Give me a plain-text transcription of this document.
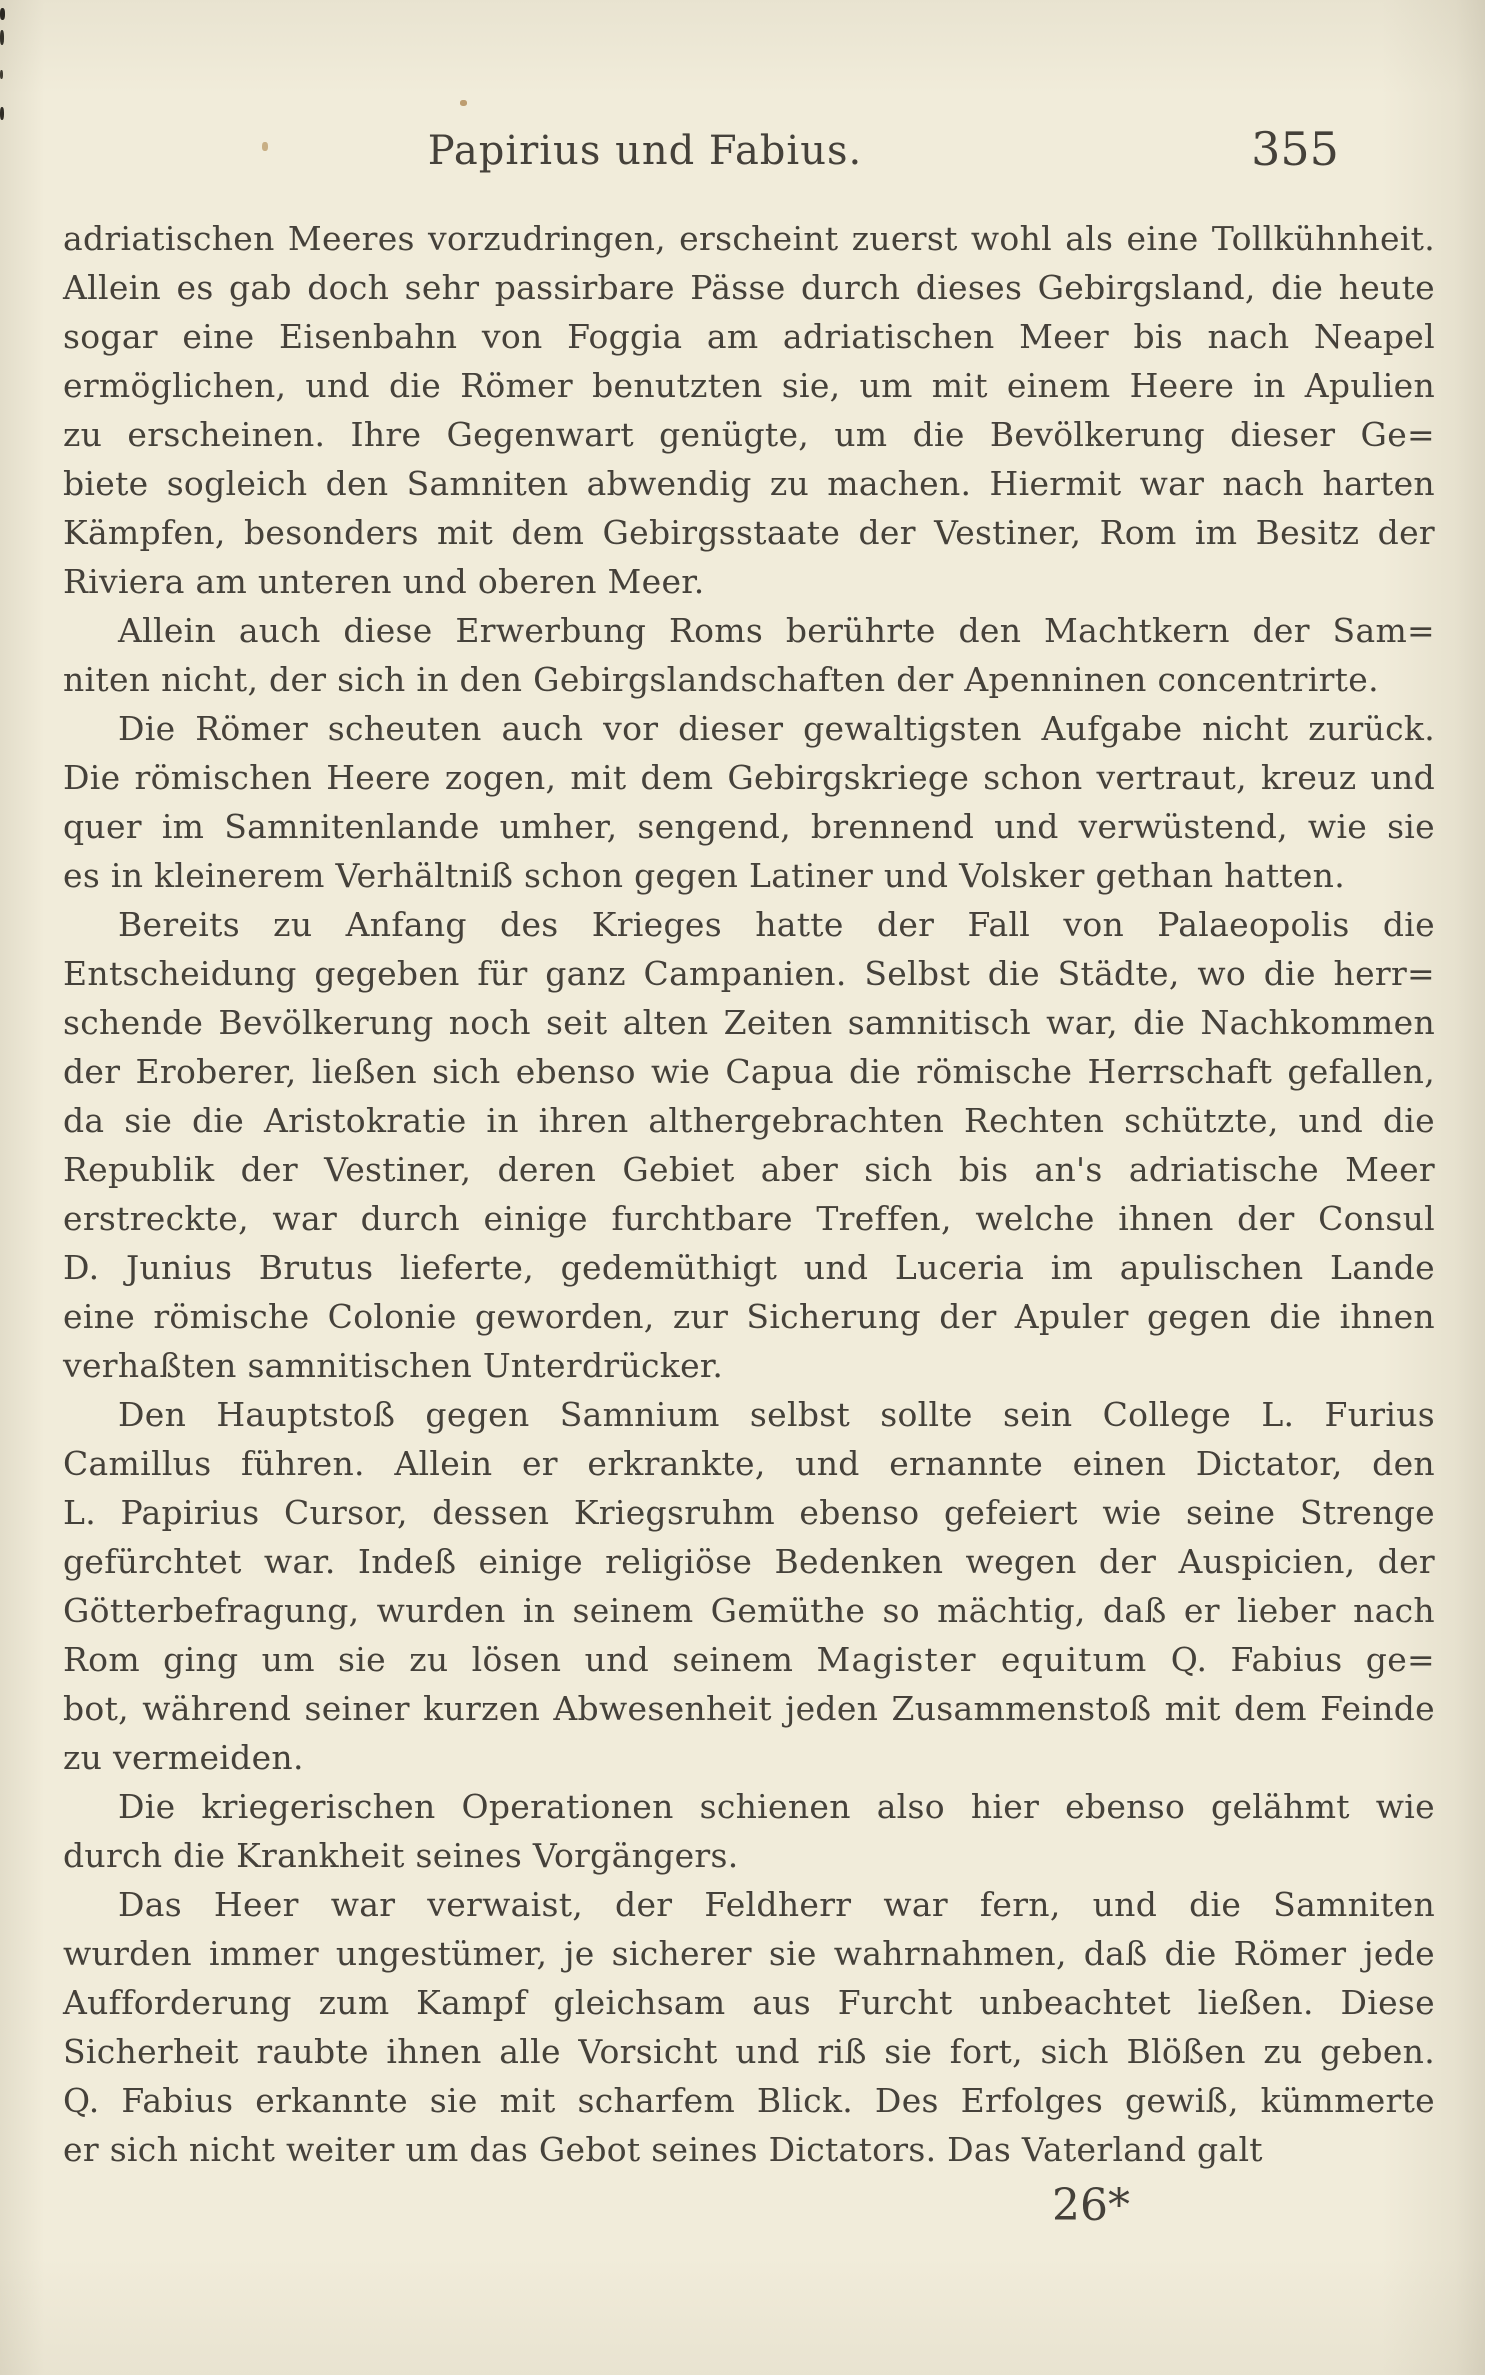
Papirius und Fabius.	355
adriatischen Meeres vorzudringen, erscheint zuerst wohl als eine Tollkühnheit.
Allein es gab doch sehr passirbare Pässe durch dieses Gebirgsland, die heute
sogar eine Eisenbahn von Foggia am adriatischen Meer bis nach Neapel
ermöglichen, und die Römer benutzten sie, um mit einem Heere in Apulien
zu erscheinen. Ihre Gegenwart genügte, um die Bevölkerung dieser Ge=
biete sogleich den Samniten abwendig zu machen. Hiermit war nach harten
Kämpfen, besonders mit dem Gebirgsstaate der Vestiner, Rom im Besitz der
Riviera am unteren und oberen Meer.
Allein auch diese Erwerbung Roms berührte den Machtkern der Sam=
niten nicht, der sich in den Gebirgslandschaften der Apenninen concentrirte.
Die Römer scheuten auch vor dieser gewaltigsten Aufgabe nicht zurück.
Die römischen Heere zogen, mit dem Gebirgskriege schon vertraut, kreuz und
quer im Samnitenlande umher, sengend, brennend und verwüstend, wie sie
es in kleinerem Verhältniß schon gegen Latiner und Volsker gethan hatten.
Bereits zu Anfang des Krieges hatte der Fall von Palaeopolis die
Entscheidung gegeben für ganz Campanien. Selbst die Städte, wo die herr=
schende Bevölkerung noch seit alten Zeiten samnitisch war, die Nachkommen
der Eroberer, ließen sich ebenso wie Capua die römische Herrschaft gefallen,
da sie die Aristokratie in ihren althergebrachten Rechten schützte, und die
Republik der Vestiner, deren Gebiet aber sich bis an's adriatische Meer
erstreckte, war durch einige furchtbare Treffen, welche ihnen der Consul
D. Junius Brutus lieferte, gedemüthigt und Luceria im apulischen Lande
eine römische Colonie geworden, zur Sicherung der Apuler gegen die ihnen
verhaßten samnitischen Unterdrücker.
Den Hauptstoß gegen Samnium selbst sollte sein College L. Furius
Camillus führen. Allein er erkrankte, und ernannte einen Dictator, den
L. Papirius Cursor, dessen Kriegsruhm ebenso gefeiert wie seine Strenge
gefürchtet war. Indeß einige religiöse Bedenken wegen der Auspicien, der
Götterbefragung, wurden in seinem Gemüthe so mächtig, daß er lieber nach
Rom ging um sie zu lösen und seinem Magister equitum Q. Fabius ge=
bot, während seiner kurzen Abwesenheit jeden Zusammenstoß mit dem Feinde
zu vermeiden.
Die kriegerischen Operationen schienen also hier ebenso gelähmt wie
durch die Krankheit seines Vorgängers.
Das Heer war verwaist, der Feldherr war fern, und die Samniten
wurden immer ungestümer, je sicherer sie wahrnahmen, daß die Römer jede
Aufforderung zum Kampf gleichsam aus Furcht unbeachtet ließen. Diese
Sicherheit raubte ihnen alle Vorsicht und riß sie fort, sich Blößen zu geben.
Q. Fabius erkannte sie mit scharfem Blick. Des Erfolges gewiß, kümmerte
er sich nicht weiter um das Gebot seines Dictators. Das Vaterland galt
26*
